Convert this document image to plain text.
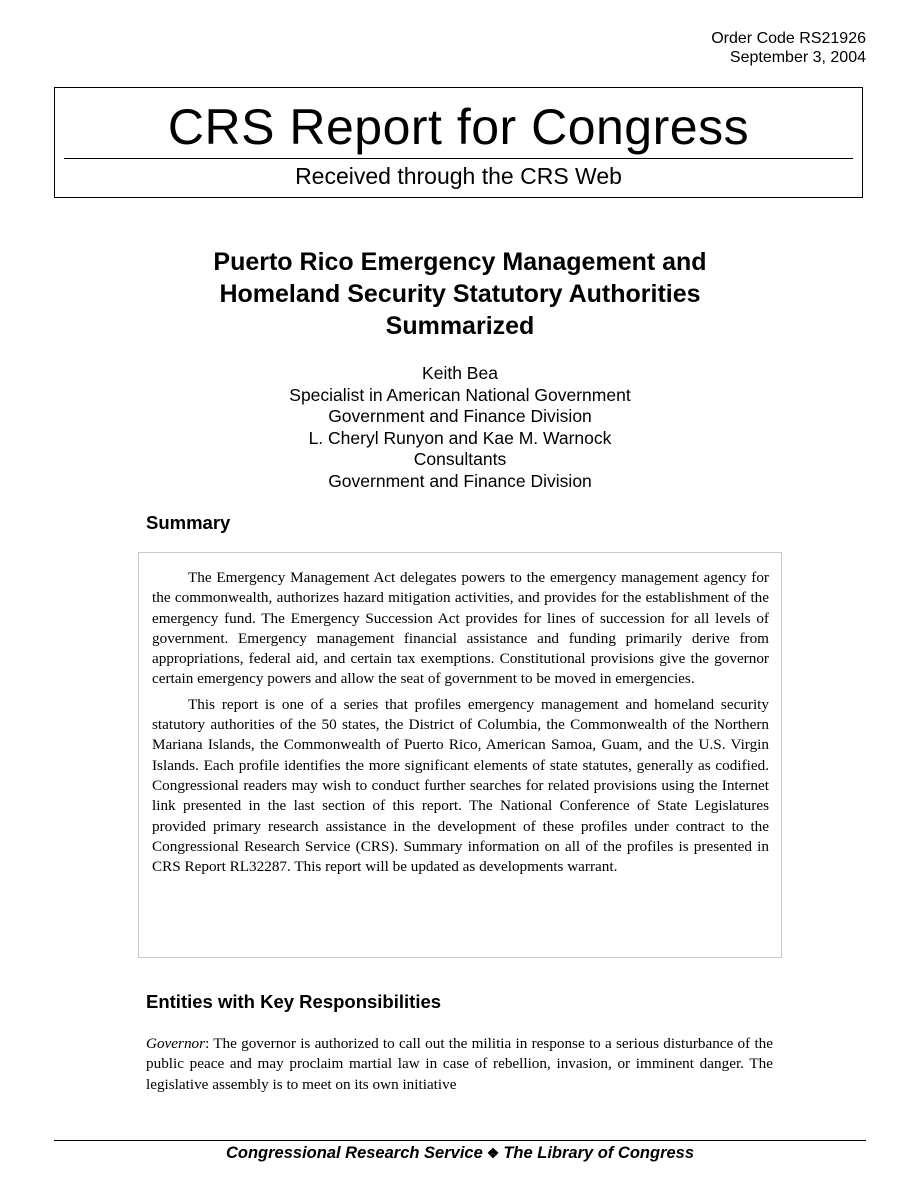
Order Code RS21926
September 3, 2004
CRS Report for Congress
Received through the CRS Web
Puerto Rico Emergency Management and
Homeland Security Statutory Authorities
Summarized
Keith Bea
Specialist in American National Government
Government and Finance Division
L. Cheryl Runyon and Kae M. Warnock
Consultants
Government and Finance Division
Summary

The Emergency Management Act delegates powers to the emergency management agency for the commonwealth, authorizes hazard mitigation activities, and provides for the establishment of the emergency fund. The Emergency Succession Act provides for lines of succession for all levels of government. Emergency management financial assistance and funding primarily derive from appropriations, federal aid, and certain tax exemptions. Constitutional provisions give the governor certain emergency powers and allow the seat of government to be moved in emergencies.

This report is one of a series that profiles emergency management and homeland security statutory authorities of the 50 states, the District of Columbia, the Commonwealth of the Northern Mariana Islands, the Commonwealth of Puerto Rico, American Samoa, Guam, and the U.S. Virgin Islands. Each profile identifies the more significant elements of state statutes, generally as codified. Congressional readers may wish to conduct further searches for related provisions using the Internet link presented in the last section of this report. The National Conference of State Legislatures provided primary research assistance in the development of these profiles under contract to the Congressional Research Service (CRS). Summary information on all of the profiles is presented in CRS Report RL32287. This report will be updated as developments warrant.

Entities with Key Responsibilities

Governor: The governor is authorized to call out the militia in response to a serious disturbance of the public peace and may proclaim martial law in case of rebellion, invasion, or imminent danger. The legislative assembly is to meet on its own initiative

Congressional Research Service ❖ The Library of Congress
